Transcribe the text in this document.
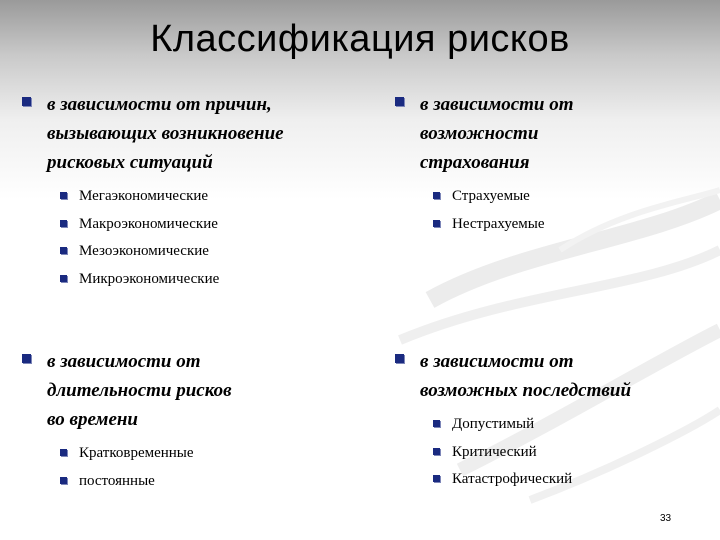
Классификация рисков
в зависимости от причин,
вызывающих возникновение
рисковых ситуаций
Мегаэкономические
Макроэкономические
Мезоэкономические
Микроэкономические
в зависимости от
возможности
страхования
Страхуемые
Нестрахуемые
в зависимости от
длительности рисков
во времени
Кратковременные
постоянные
в зависимости от
возможных последствий
Допустимый
Критический
Катастрофический
33
